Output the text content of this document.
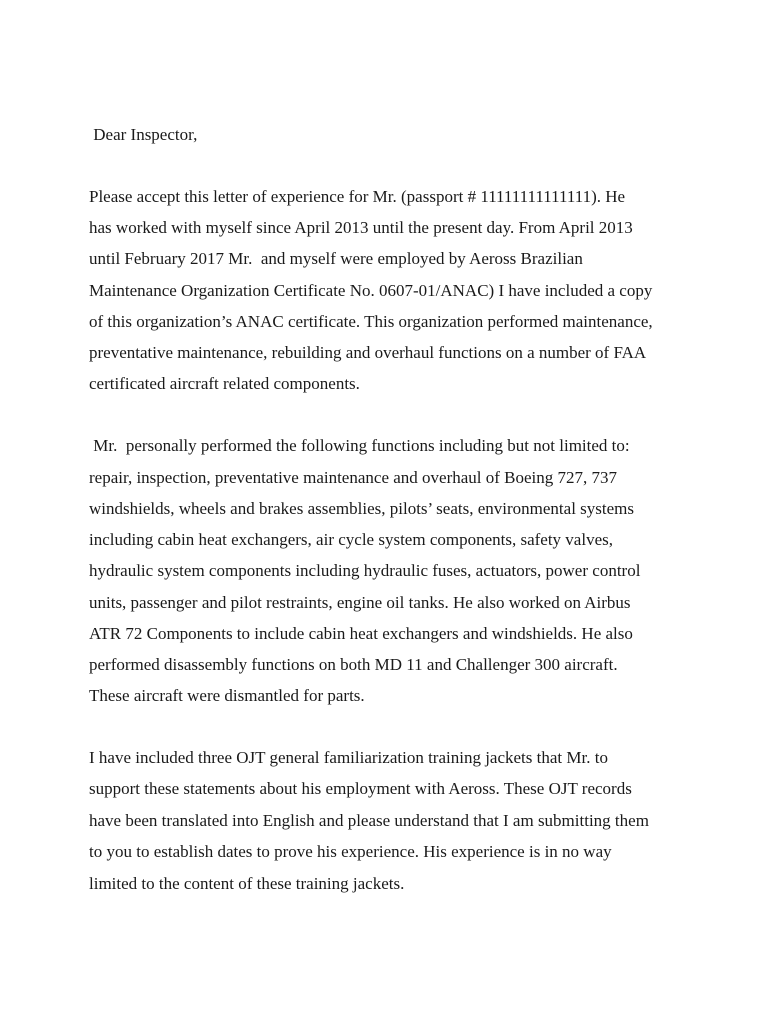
Dear Inspector,
Please accept this letter of experience for Mr. (passport # 11111111111111). He
has worked with myself since April 2013 until the present day. From April 2013
until February 2017 Mr.  and myself were employed by Aeross Brazilian
Maintenance Organization Certificate No. 0607-01/ANAC) I have included a copy
of this organization’s ANAC certificate. This organization performed maintenance,
preventative maintenance, rebuilding and overhaul functions on a number of FAA
certificated aircraft related components.
Mr.  personally performed the following functions including but not limited to:
repair, inspection, preventative maintenance and overhaul of Boeing 727, 737
windshields, wheels and brakes assemblies, pilots’ seats, environmental systems
including cabin heat exchangers, air cycle system components, safety valves,
hydraulic system components including hydraulic fuses, actuators, power control
units, passenger and pilot restraints, engine oil tanks. He also worked on Airbus
ATR 72 Components to include cabin heat exchangers and windshields. He also
performed disassembly functions on both MD 11 and Challenger 300 aircraft.
These aircraft were dismantled for parts.
I have included three OJT general familiarization training jackets that Mr. to
support these statements about his employment with Aeross. These OJT records
have been translated into English and please understand that I am submitting them
to you to establish dates to prove his experience. His experience is in no way
limited to the content of these training jackets.
